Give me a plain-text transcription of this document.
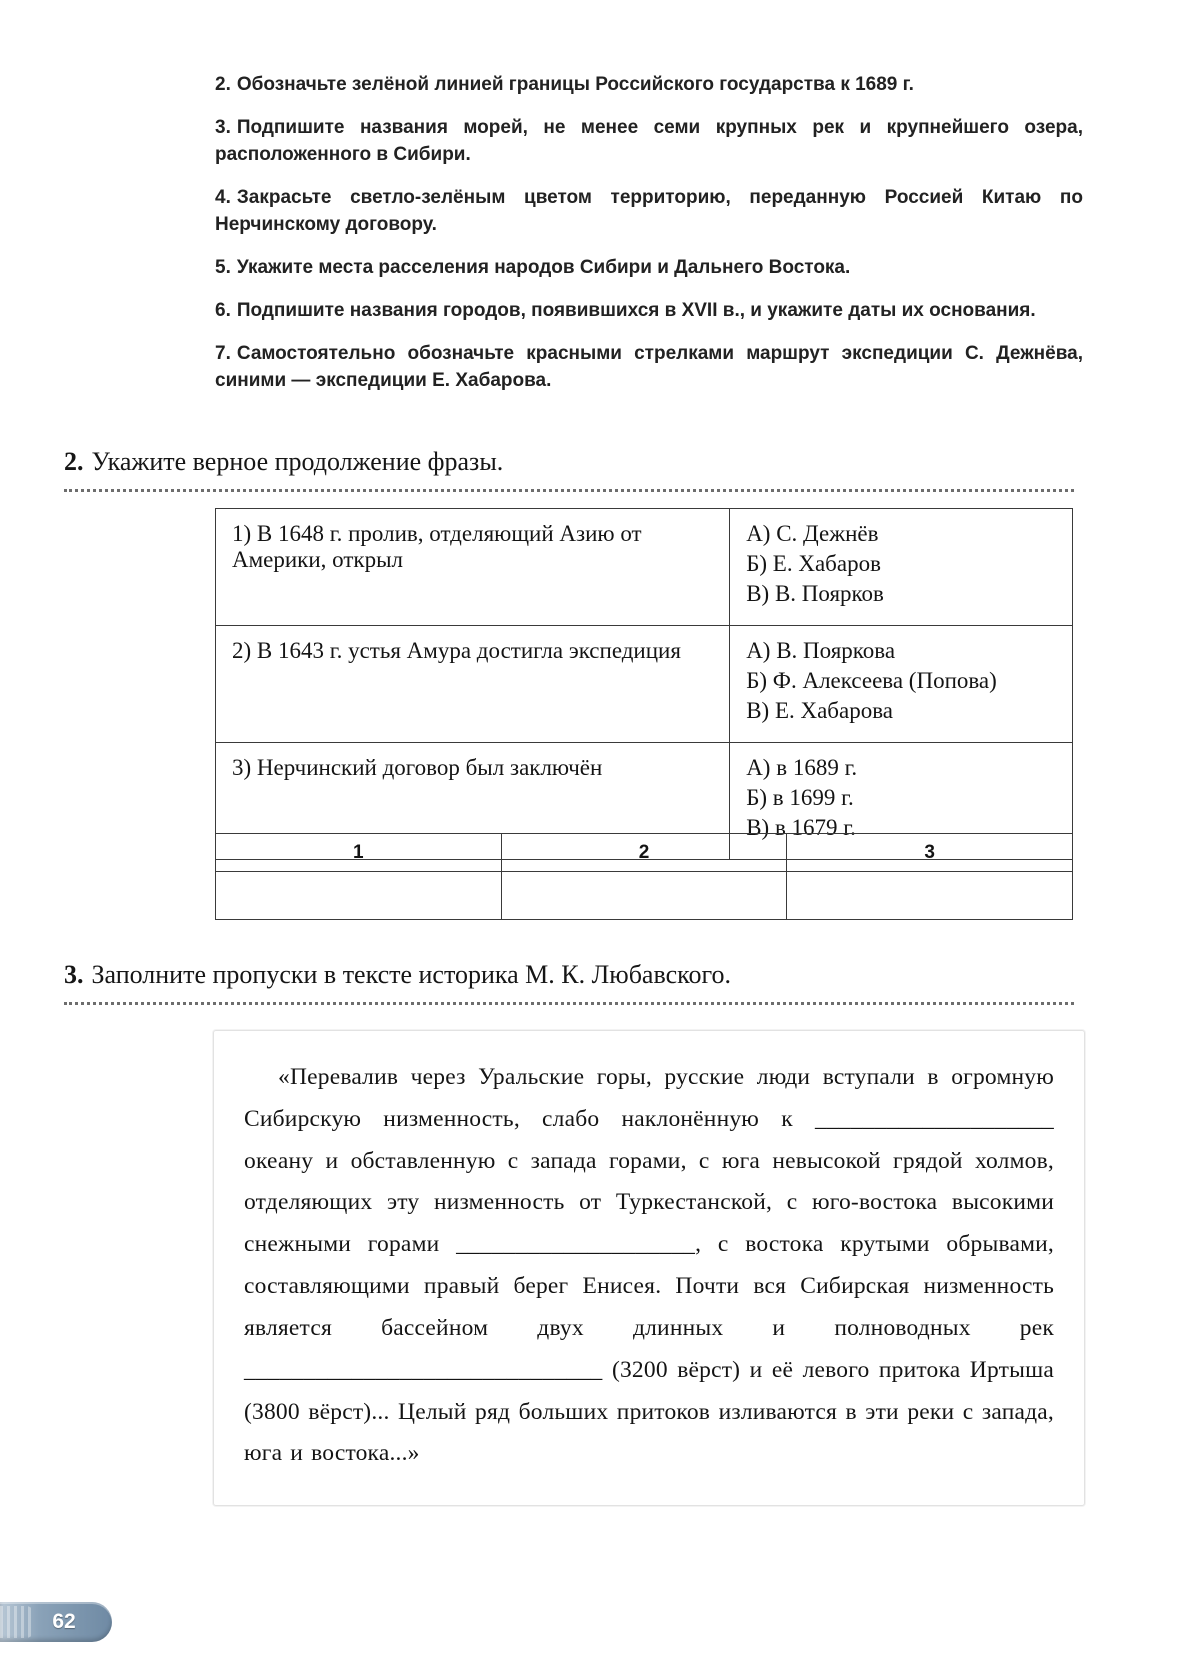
2. Обозначьте зелёной линией границы Российского государства к 1689 г.

3. Подпишите названия морей, не менее семи крупных рек и крупнейшего озера, расположенного в Сибири.

4. Закрасьте светло-зелёным цветом территорию, переданную Россией Китаю по Нерчинскому договору.

5. Укажите места расселения народов Сибири и Дальнего Востока.

6. Подпишите названия городов, появившихся в XVII в., и укажите даты их основания.

7. Самостоятельно обозначьте красными стрелками маршрут экспедиции С. Дежнёва, синими — экспедиции Е. Хабарова.

2. Укажите верное продолжение фразы.
1) В 1648 г. пролив, отделяющий Азию от Америки, открыл	А) С. Дежнёв
Б) Е. Хабаров
В) В. Поярков

2) В 1643 г. устья Амура достигла экспедиция	А) В. Пояркова
Б) Ф. Алексеева (Попова)
В) Е. Хабарова

3) Нерчинский договор был заключён	А) в 1689 г.
Б) в 1699 г.
В) в 1679 г.
1	2	3

3. Заполните пропуски в тексте историка М. К. Любавского.

«Перевалив через Уральские горы, русские люди вступали в огромную Сибирскую низменность, слабо наклонённую к ____________________ океану и обставленную с запада горами, с юга невысокой грядой холмов, отделяющих эту низменность от Туркестанской, с юго-востока высокими снежными горами ____________________, с востока крутыми обрывами, составляющими правый берег Енисея. Почти вся Сибирская низменность является бассейном двух длинных и полноводных рек ______________________________ (3200 вёрст) и её левого притока Иртыша (3800 вёрст)... Целый ряд больших притоков изливаются в эти реки с запада, юга и востока...»

62
